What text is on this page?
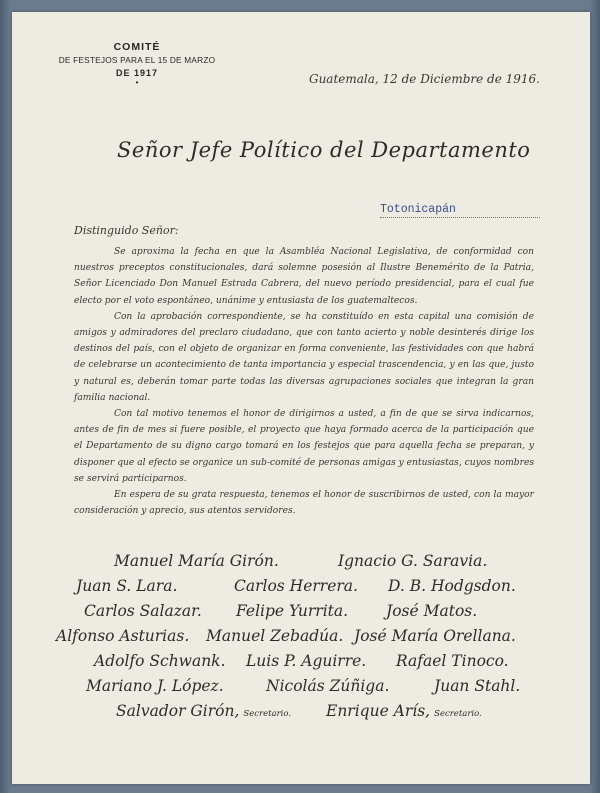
COMITÉ
DE FESTEJOS PARA EL 15 DE MARZO
DE 1917
•	Guatemala, 12 de Diciembre de 1916.
Señor Jefe Político del Departamento
Totonicapán
Distinguido Señor:

Se aproxima la fecha en que la Asambléa Nacional Legislativa, de conformidad con nuestros preceptos constitucionales, dará solemne posesión al Ilustre Benemérito de la Patria, Señor Licenciado Don Manuel Estrada Cabrera, del nuevo período presidencial, para el cual fue electo por el voto espontáneo, unánime y entusiasta de los guatemaltecos.

Con la aprobación correspondiente, se ha constituído en esta capital una comisión de amigos y admiradores del preclaro ciudadano, que con tanto acierto y noble desinterés dirige los destinos del país, con el objeto de organizar en forma conveniente, las festividades con que habrá de celebrarse un acontecimiento de tanta importancia y especial trascendencia, y en las que, justo y natural es, deberán tomar parte todas las diversas agrupaciones sociales que integran la gran familia nacional.

Con tal motivo tenemos el honor de dirigirnos a usted, a fin de que se sirva indicarnos, antes de fin de mes si fuere posible, el proyecto que haya formado acerca de la participación que el Departamento de su digno cargo tomará en los festejos que para aquella fecha se preparan, y disponer que al efecto se organice un sub-comité de personas amigas y entusiastas, cuyos nombres se servirá participarnos.

En espera de su grata respuesta, tenemos el honor de suscribirnos de usted, con la mayor consideración y aprecio, sus atentos servidores.

Manuel María Girón.	Ignacio G. Saravia.
Juan S. Lara.	Carlos Herrera. D. B. Hodgsdon.
Carlos Salazar. Felipe Yurrita. José Matos.
Alfonso Asturias. Manuel Zebadúa. José María Orellana.
Adolfo Schwank. Luis P. Aguirre. Rafael Tinoco.
Mariano J. López.	Nicolás Zúñiga.	Juan Stahl.
Salvador Girón, Secretario. Enrique Arís, Secretario.
